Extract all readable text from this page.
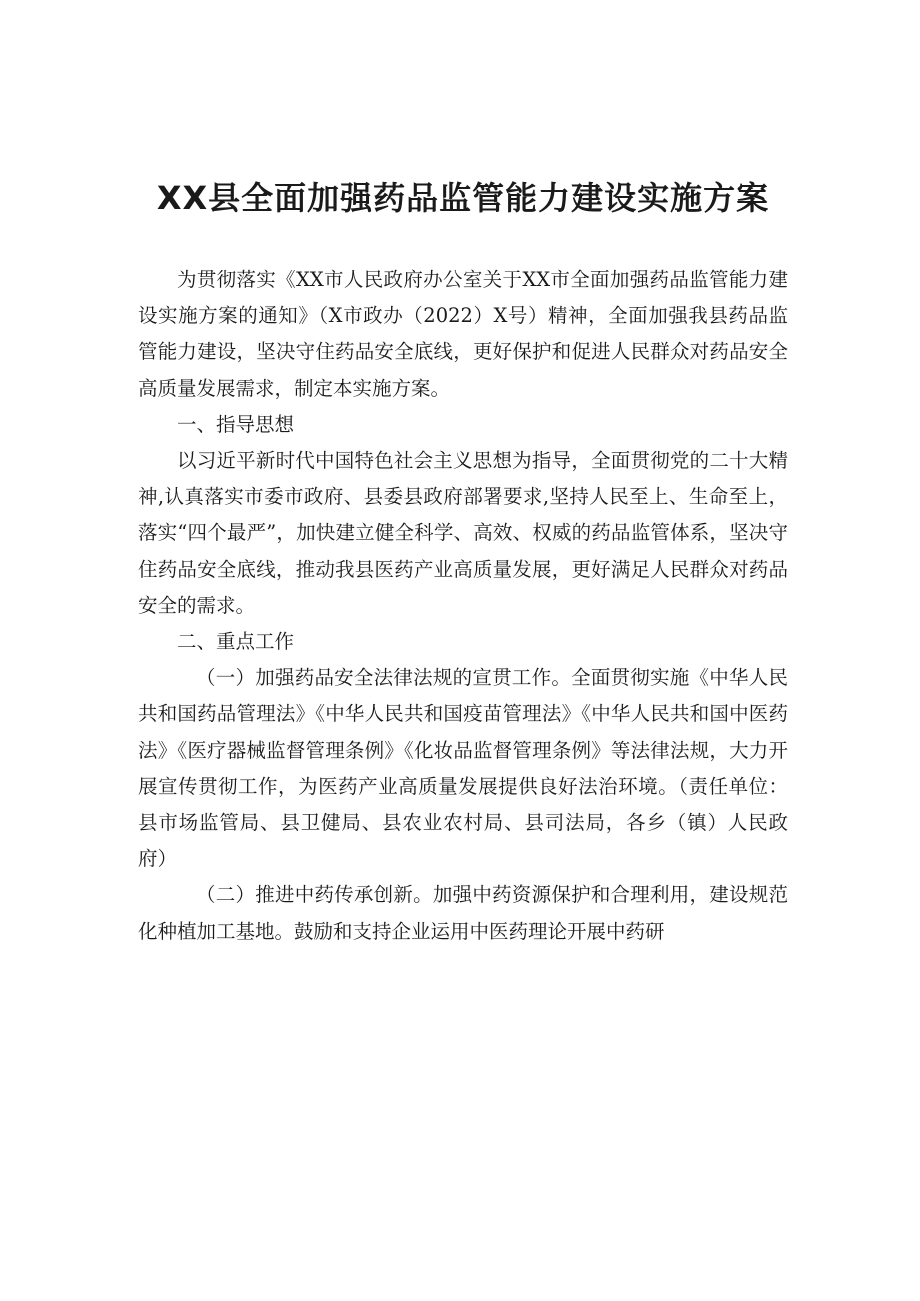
XX县全面加强药品监管能力建设实施方案

为贯彻落实《XX市人民政府办公室关于XX市全面加强药品监管能力建设实施方案的通知》（X市政办（2022）X号）精神，全面加强我县药品监管能力建设，坚决守住药品安全底线，更好保护和促进人民群众对药品安全高质量发展需求，制定本实施方案。

一、指导思想

以习近平新时代中国特色社会主义思想为指导，全面贯彻党的二十大精神,认真落实市委市政府、县委县政府部署要求,坚持人民至上、生命至上，落实“四个最严”，加快建立健全科学、高效、权威的药品监管体系，坚决守住药品安全底线，推动我县医药产业高质量发展，更好满足人民群众对药品安全的需求。

二、重点工作

（一）加强药品安全法律法规的宣贯工作。全面贯彻实施《中华人民共和国药品管理法》《中华人民共和国疫苗管理法》《中华人民共和国中医药法》《医疗器械监督管理条例》《化妆品监督管理条例》等法律法规，大力开展宣传贯彻工作，为医药产业高质量发展提供良好法治环境。（责任单位：县市场监管局、县卫健局、县农业农村局、县司法局，各乡（镇）人民政府）

（二）推进中药传承创新。加强中药资源保护和合理利用，建设规范化种植加工基地。鼓励和支持企业运用中医药理论开展中药研
